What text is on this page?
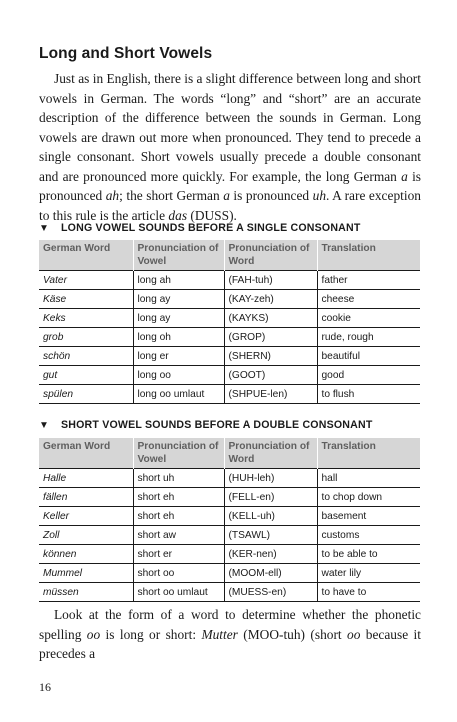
Long and Short Vowels

Just as in English, there is a slight difference between long and short vowels in German. The words “long” and “short” are an accurate description of the difference between the sounds in German. Long vowels are drawn out more when pronounced. They tend to precede a single consonant. Short vowels usually precede a double consonant and are pronounced more quickly. For example, the long German a is pronounced ah; the short German a is pronounced uh. A rare exception to this rule is the article das (DUSS).

▼ LONG VOWEL SOUNDS BEFORE A SINGLE CONSONANT
German Word	Pronunciation of Vowel	Pronunciation of Word	Translation
Vater	long ah	(FAH-tuh)	father
Käse	long ay	(KAY-zeh)	cheese
Keks	long ay	(KAYKS)	cookie
grob	long oh	(GROP)	rude, rough
schön	long er	(SHERN)	beautiful
gut	long oo	(GOOT)	good
spülen	long oo umlaut	(SHPUE-len)	to flush
▼ SHORT VOWEL SOUNDS BEFORE A DOUBLE CONSONANT
German Word	Pronunciation of Vowel	Pronunciation of Word	Translation
Halle	short uh	(HUH-leh)	hall
fällen	short eh	(FELL-en)	to chop down
Keller	short eh	(KELL-uh)	basement
Zoll	short aw	(TSAWL)	customs
können	short er	(KER-nen)	to be able to
Mummel	short oo	(MOOM-ell)	water lily
müssen	short oo umlaut	(MUESS-en)	to have to

Look at the form of a word to determine whether the phonetic spelling oo is long or short: Mutter (MOO-tuh) (short oo because it precedes a

16
